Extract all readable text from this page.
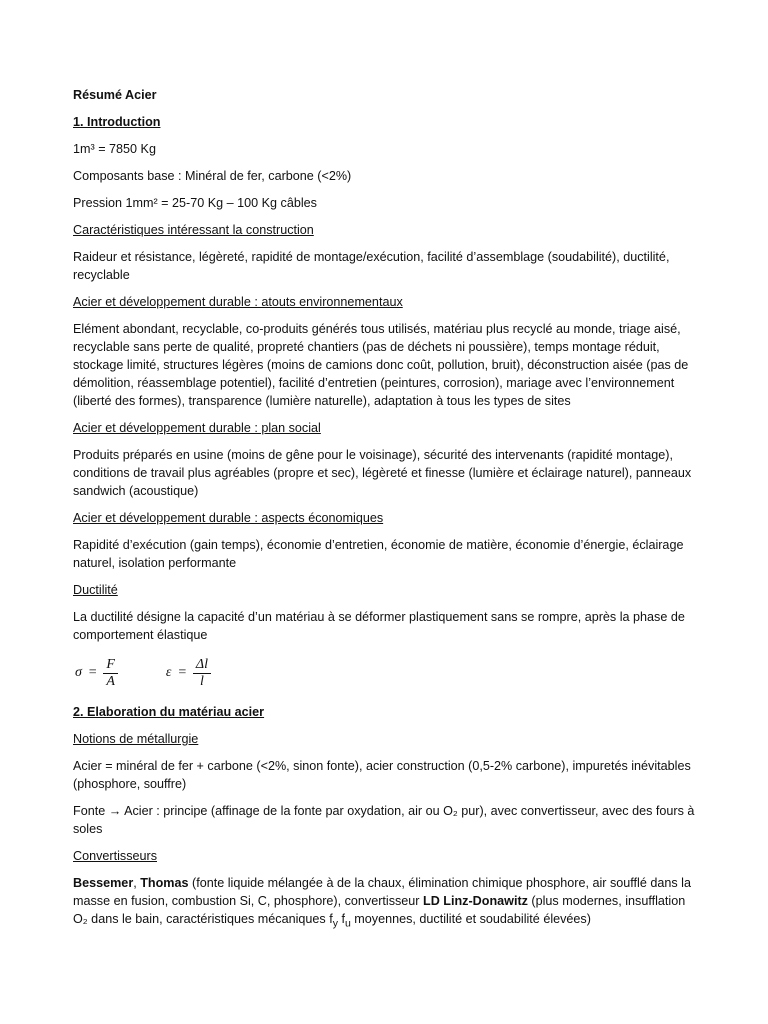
Résumé Acier

1. Introduction

1m³ = 7850 Kg

Composants base : Minéral de fer, carbone (<2%)

Pression 1mm² = 25-70 Kg – 100 Kg câbles

Caractéristiques intéressant la construction

Raideur et résistance, légèreté, rapidité de montage/exécution, facilité d’assemblage (soudabilité), ductilité, recyclable

Acier et développement durable : atouts environnementaux

Elément abondant, recyclable, co-produits générés tous utilisés, matériau plus recyclé au monde, triage aisé, recyclable sans perte de qualité, propreté chantiers (pas de déchets ni poussière), temps montage réduit, stockage limité, structures légères (moins de camions donc coût, pollution, bruit), déconstruction aisée (pas de démolition, réassemblage potentiel), facilité d’entretien (peintures, corrosion), mariage avec l’environnement (liberté des formes), transparence (lumière naturelle), adaptation à tous les types de sites

Acier et développement durable : plan social

Produits préparés en usine (moins de gêne pour le voisinage), sécurité des intervenants (rapidité montage), conditions de travail plus agréables (propre et sec), légèreté et finesse (lumière et éclairage naturel), panneaux sandwich (acoustique)

Acier et développement durable : aspects économiques

Rapidité d’exécution (gain temps), économie d’entretien, économie de matière, économie d’énergie, éclairage naturel, isolation performante

Ductilité

La ductilité désigne la capacité d’un matériau à se déformer plastiquement sans se rompre, après la phase de comportement élastique

$\sigma = \frac{F}{A}$	$\varepsilon = \frac{\Delta l}{l}$

2. Elaboration du matériau acier

Notions de métallurgie

Acier = minéral de fer + carbone (<2%, sinon fonte), acier construction (0,5-2% carbone), impuretés inévitables (phosphore, souffre)

Fonte → Acier : principe (affinage de la fonte par oxydation, air ou O₂ pur), avec convertisseur, avec des fours à soles

Convertisseurs

Bessemer, Thomas (fonte liquide mélangée à de la chaux, élimination chimique phosphore, air soufflé dans la masse en fusion, combustion Si, C, phosphore), convertisseur LD Linz-Donawitz (plus modernes, insufflation O₂ dans le bain, caractéristiques mécaniques $f_y$ $f_u$ moyennes, ductilité et soudabilité élevées)
